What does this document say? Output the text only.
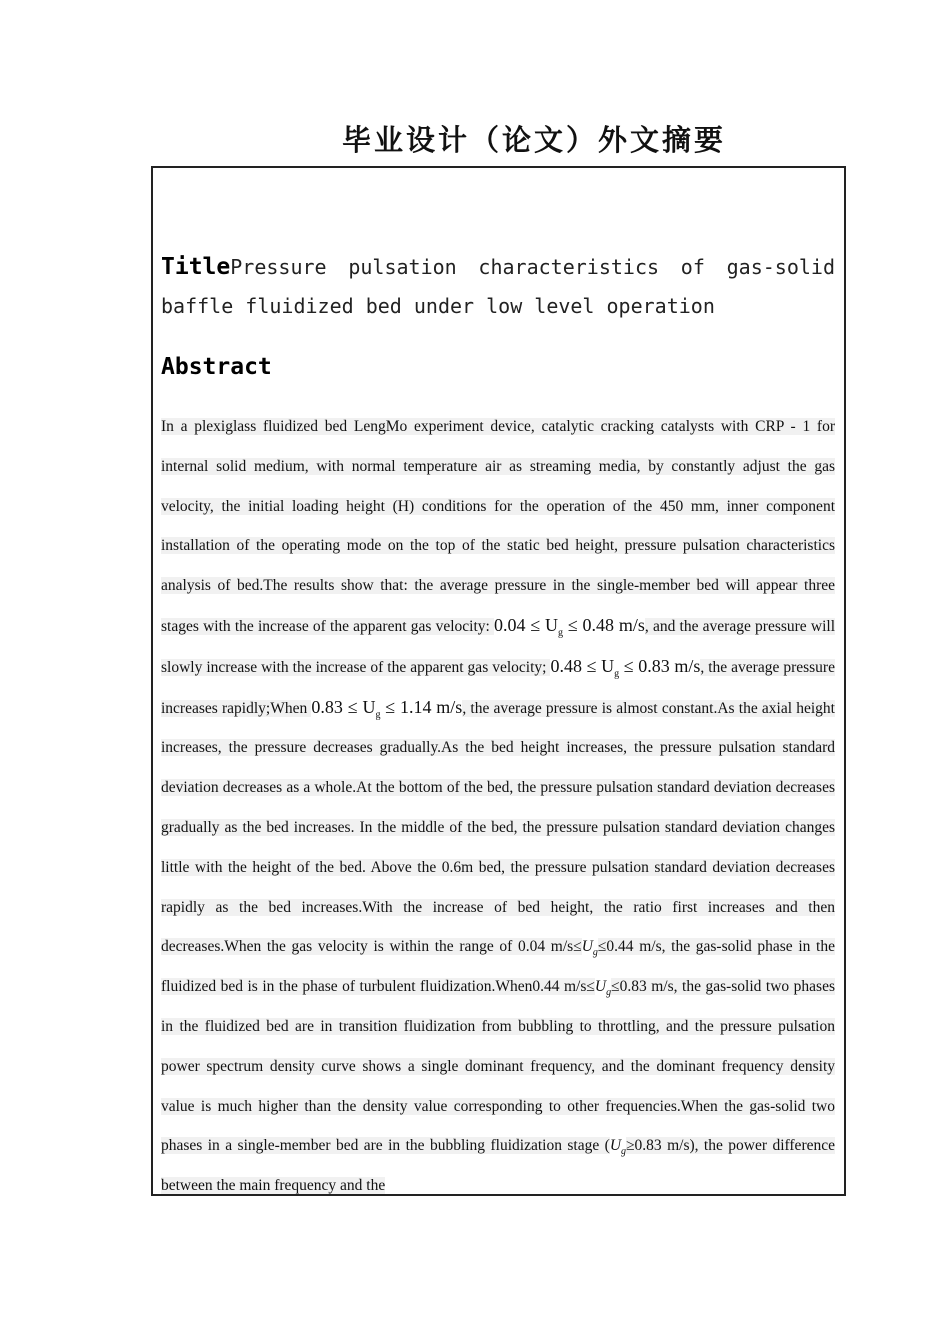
毕业设计（论文）外文摘要
TitlePressure pulsation characteristics of gas-solid baffle fluidized bed under low level operation
Abstract
In a plexiglass fluidized bed LengMo experiment device, catalytic cracking catalysts with CRP - 1 for internal solid medium, with normal temperature air as streaming media, by constantly adjust the gas velocity, the initial loading height (H) conditions for the operation of the 450 mm, inner component installation of the operating mode on the top of the static bed height, pressure pulsation characteristics analysis of bed.The results show that: the average pressure in the single-member bed will appear three stages with the increase of the apparent gas velocity: $0.04 \le U_g \le 0.48$ m/s, and the average pressure will slowly increase with the increase of the apparent gas velocity; $0.48 \le U_g \le 0.83$ m/s, the average pressure increases rapidly;When $0.83 \le U_g \le 1.14$ m/s, the average pressure is almost constant.As the axial height increases, the pressure decreases gradually.As the bed height increases, the pressure pulsation standard deviation decreases as a whole.At the bottom of the bed, the pressure pulsation standard deviation decreases gradually as the bed increases. In the middle of the bed, the pressure pulsation standard deviation changes little with the height of the bed. Above the 0.6m bed, the pressure pulsation standard deviation decreases rapidly as the bed increases.With the increase of bed height, the ratio first increases and then decreases.When the gas velocity is within the range of 0.04 $m/s\le U_g\le 0.44$ m/s, the gas-solid phase in the fluidized bed is in the phase of turbulent fluidization.When0.44 $m/s\le U_g\le 0.83$ m/s, the gas-solid two phases in the fluidized bed are in transition fluidization from bubbling to throttling, and the pressure pulsation power spectrum density curve shows a single dominant frequency, and the dominant frequency density value is much higher than the density value corresponding to other frequencies.When the gas-solid two phases in a single-member bed are in the bubbling fluidization stage ($U_g\ge 0.83$ m/s), the power difference between the main frequency and the
